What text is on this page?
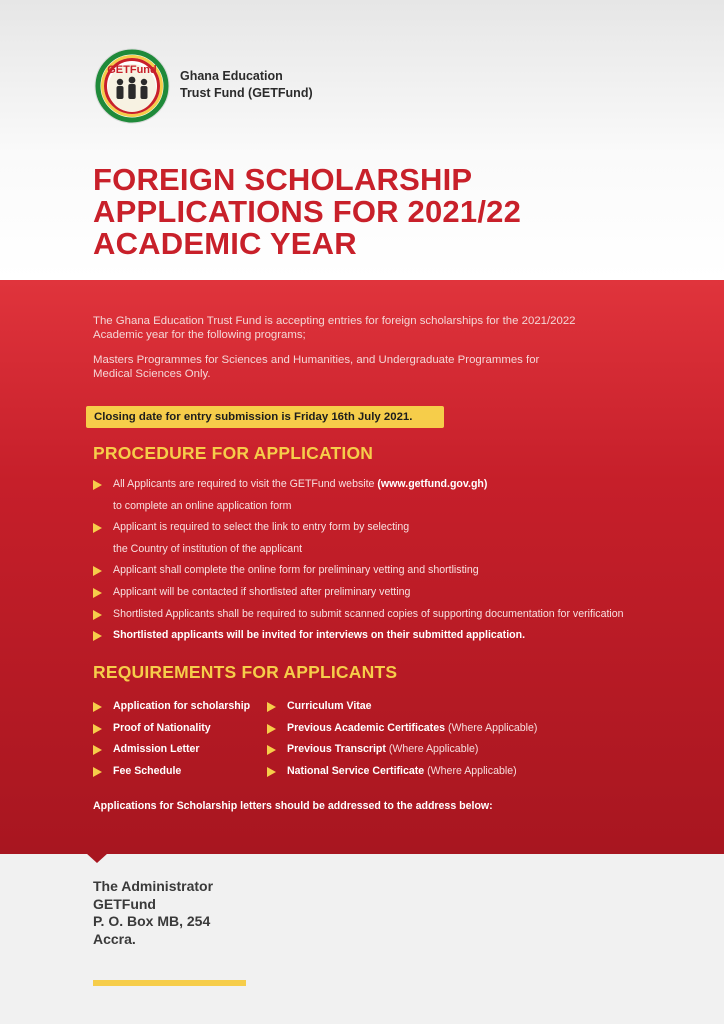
GETFund Ghana Education
Trust Fund (GETFund)
FOREIGN SCHOLARSHIP
APPLICATIONS FOR 2021/22
ACADEMIC YEAR

The Ghana Education Trust Fund is accepting entries for foreign scholarships for the 2021/2022
Academic year for the following programs;

Masters Programmes for Sciences and Humanities, and Undergraduate Programmes for
Medical Sciences Only.

Closing date for entry submission is Friday 16th July 2021.
PROCEDURE FOR APPLICATION
All Applicants are required to visit the GETFund website (www.getfund.gov.gh)
to complete an online application form
Applicant is required to select the link to entry form by selecting
the Country of institution of the applicant
Applicant shall complete the online form for preliminary vetting and shortlisting
Applicant will be contacted if shortlisted after preliminary vetting
Shortlisted Applicants shall be required to submit scanned copies of supporting documentation for verification
Shortlisted applicants will be invited for interviews on their submitted application.
REQUIREMENTS FOR APPLICANTS
Application for scholarship
Proof of Nationality
Admission Letter
Fee Schedule
Curriculum Vitae
Previous Academic Certificates (Where Applicable)
Previous Transcript (Where Applicable)
National Service Certificate (Where Applicable)
Applications for Scholarship letters should be addressed to the address below:
The Administrator
GETFund
P. O. Box MB, 254
Accra.
